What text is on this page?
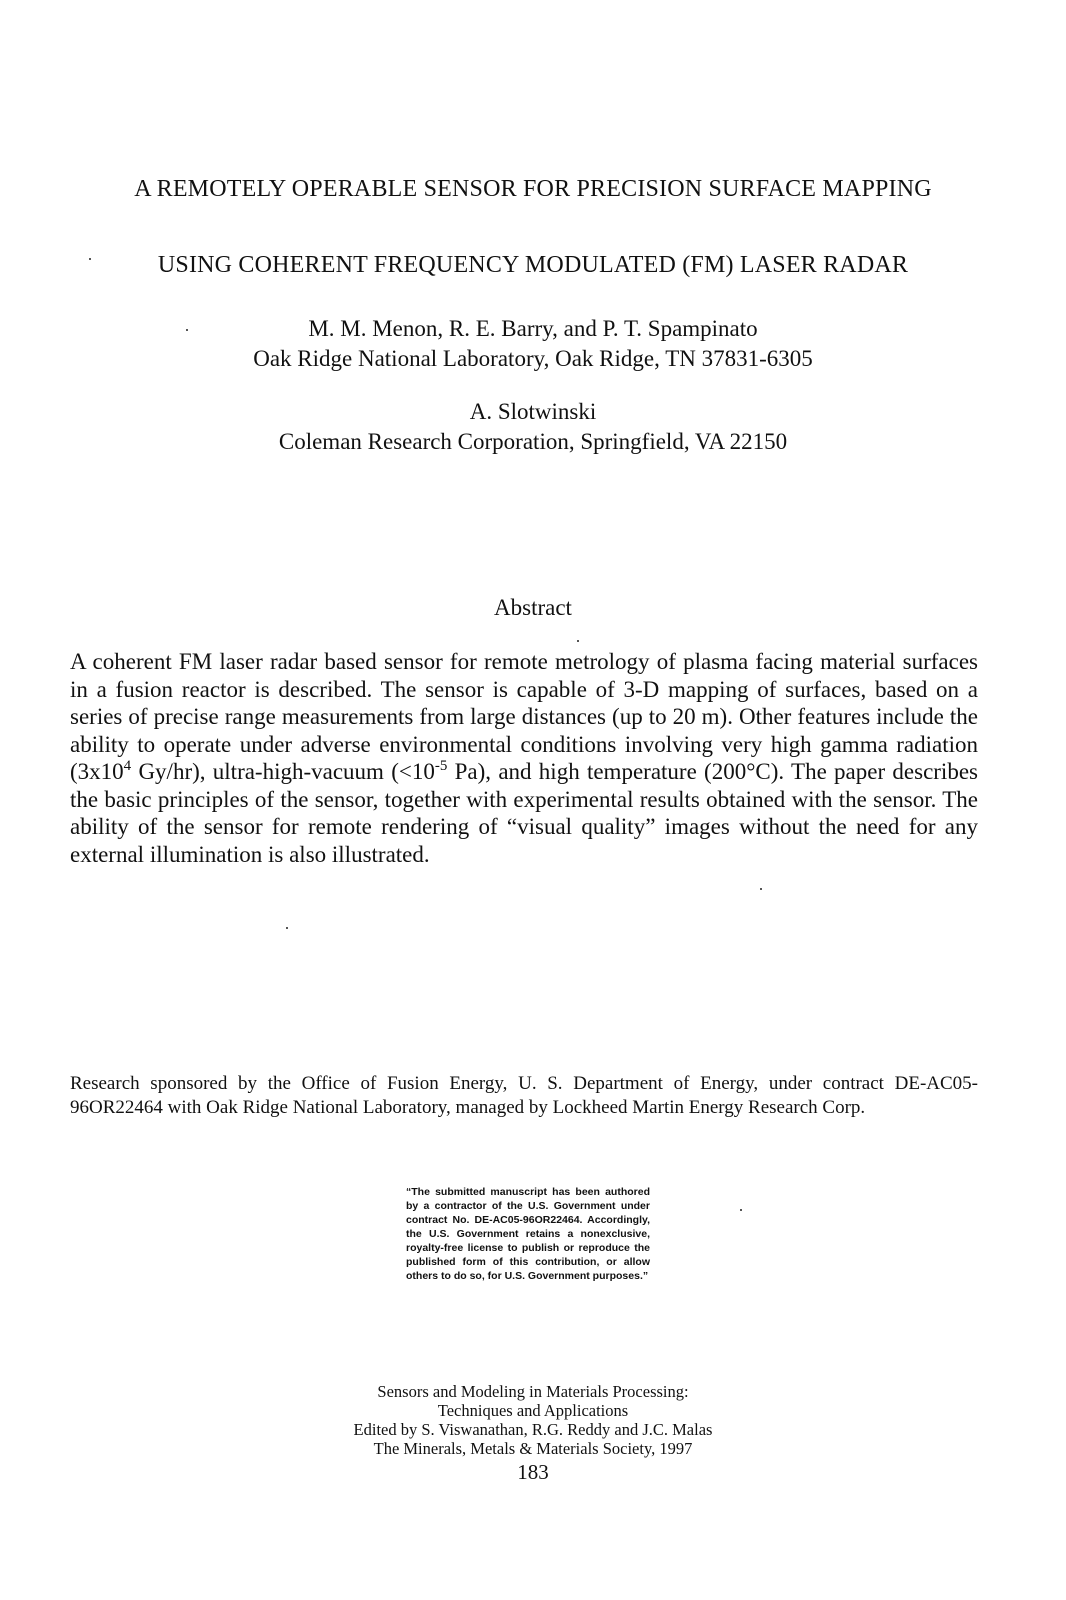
A REMOTELY OPERABLE SENSOR FOR PRECISION SURFACE MAPPING
USING COHERENT FREQUENCY MODULATED (FM) LASER RADAR
M. M. Menon, R. E. Barry, and P. T. Spampinato
Oak Ridge National Laboratory, Oak Ridge, TN 37831-6305
A. Slotwinski
Coleman Research Corporation, Springfield, VA 22150
Abstract
A coherent FM laser radar based sensor for remote metrology of plasma facing material surfaces in a fusion reactor is described. The sensor is capable of 3-D mapping of surfaces, based on a series of precise range measurements from large distances (up to 20 m). Other features include the ability to operate under adverse environmental conditions involving very high gamma radiation ($3x10^4$ Gy/hr), ultra-high-vacuum ($<10^{-5}$ Pa), and high temperature (200°C). The paper describes the basic principles of the sensor, together with experimental results obtained with the sensor. The ability of the sensor for remote rendering of “visual quality” images without the need for any external illumination is also illustrated.
Research sponsored by the Office of Fusion Energy, U. S. Department of Energy, under contract DE-AC05-96OR22464 with Oak Ridge National Laboratory, managed by Lockheed Martin Energy Research Corp.
“The submitted manuscript has been authored by a contractor of the U.S. Government under contract No. DE-AC05-96OR22464. Accordingly, the U.S. Government retains a nonexclusive, royalty-free license to publish or reproduce the published form of this contribution, or allow others to do so, for U.S. Government purposes.”
Sensors and Modeling in Materials Processing:
Techniques and Applications
Edited by S. Viswanathan, R.G. Reddy and J.C. Malas
The Minerals, Metals & Materials Society, 1997
183
